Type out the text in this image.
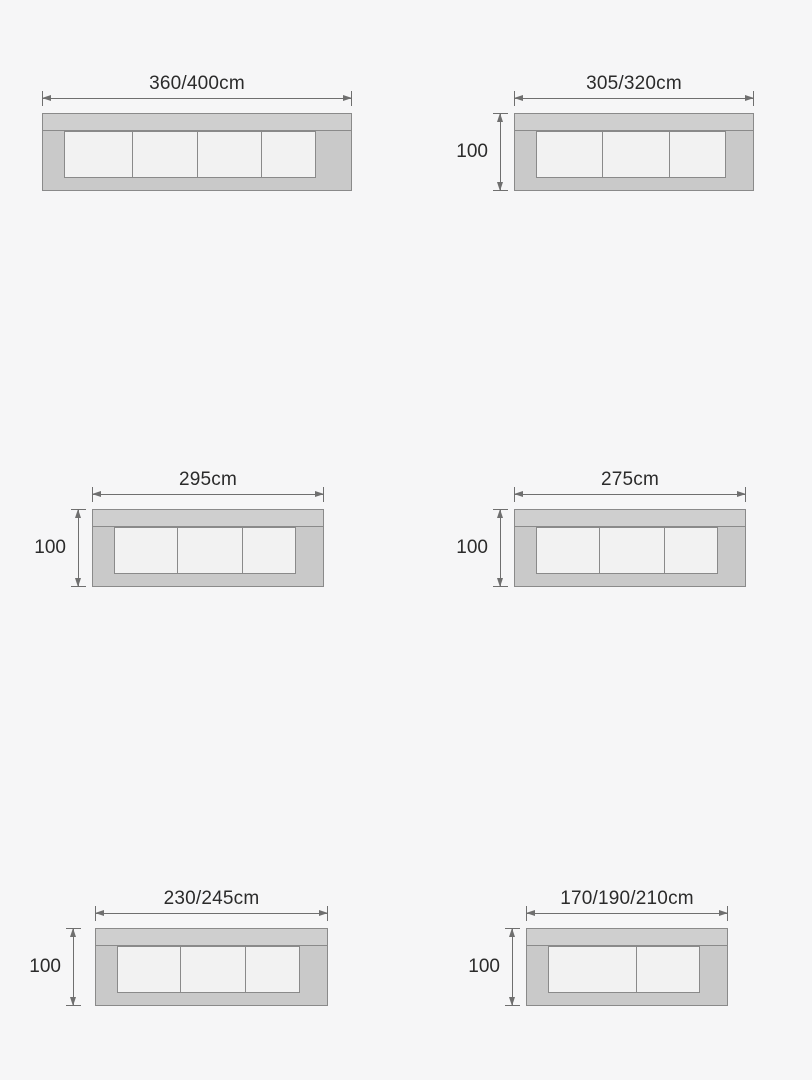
360/400cm	305/320cm
100
295cm
100
275cm
100
230/245cm
100
170/190/210cm
100
